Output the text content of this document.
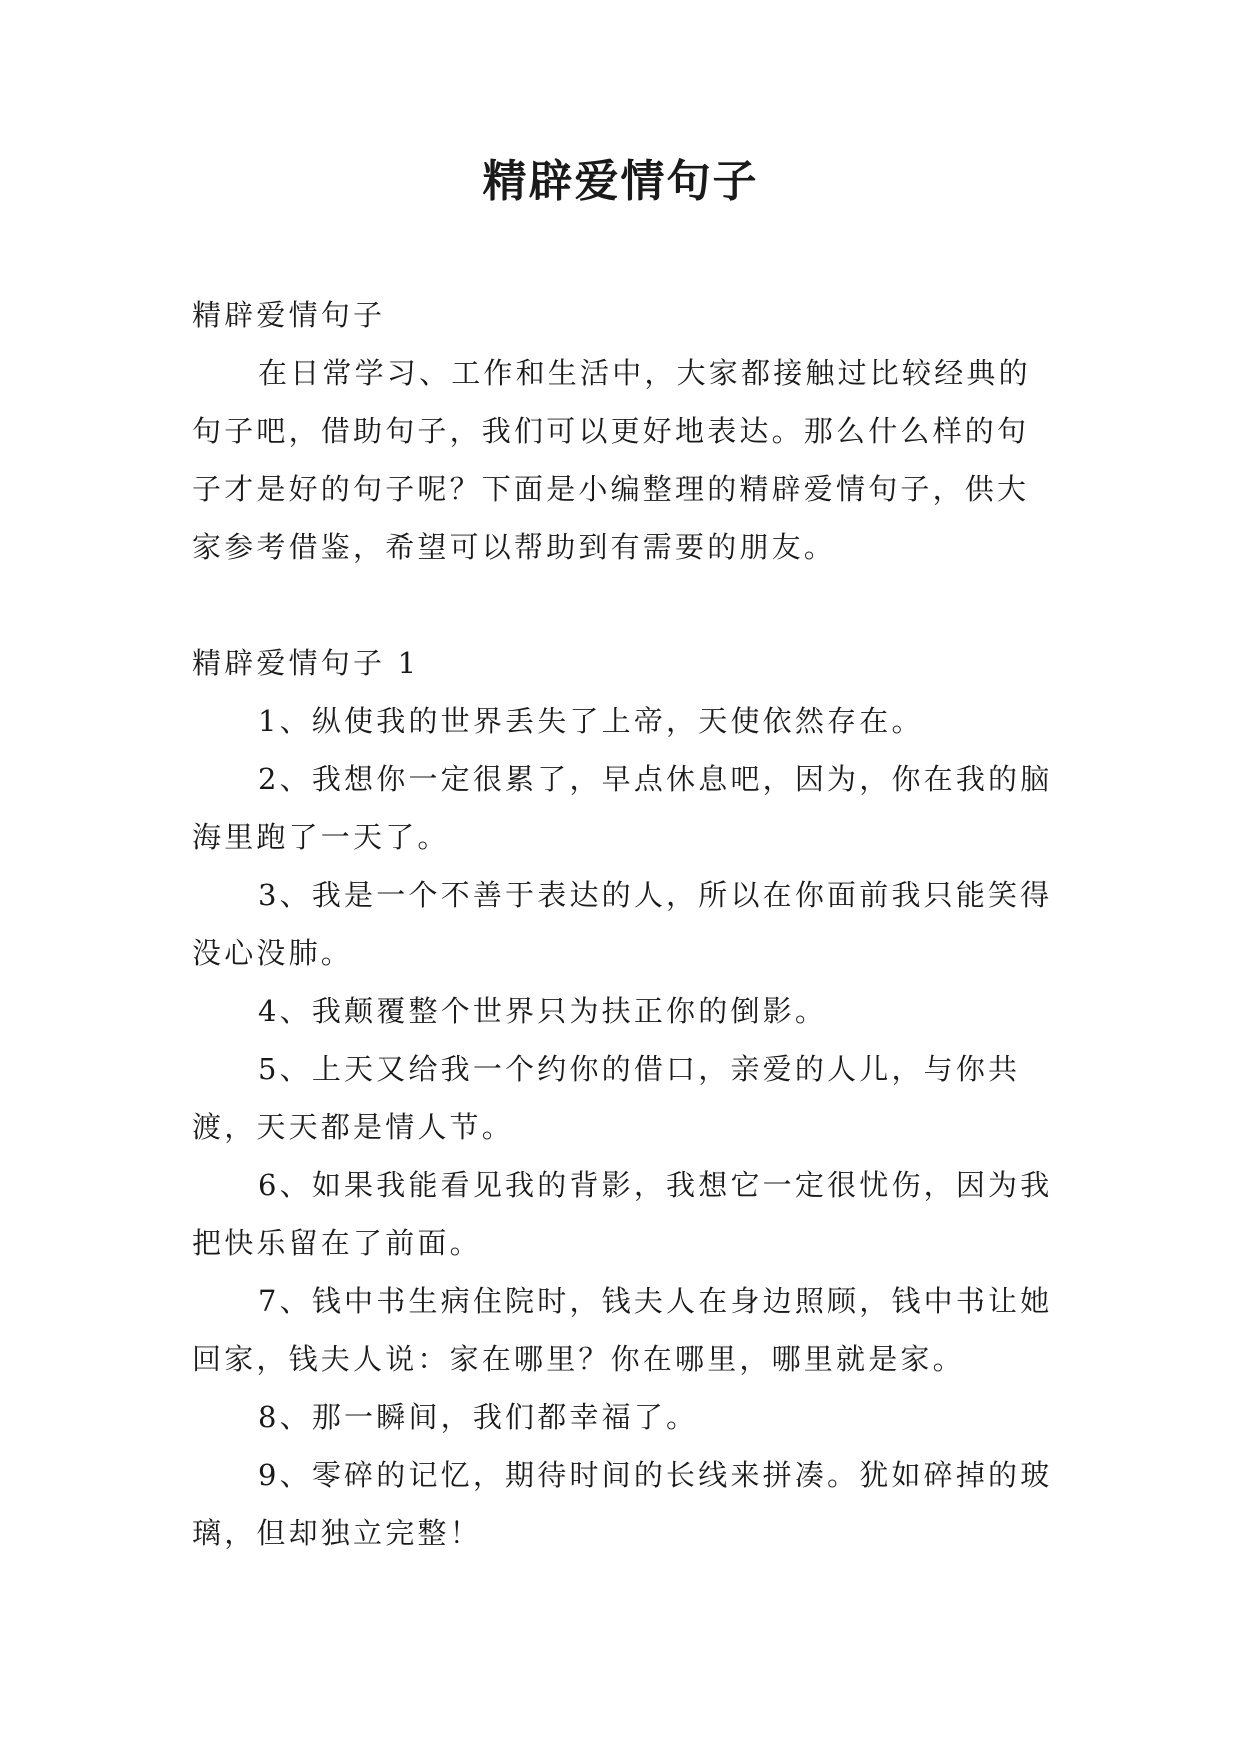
精辟爱情句子

精辟爱情句子

在日常学习、工作和生活中，大家都接触过比较经典的句子吧，借助句子，我们可以更好地表达。那么什么样的句子才是好的句子呢？下面是小编整理的精辟爱情句子，供大家参考借鉴，希望可以帮助到有需要的朋友。

精辟爱情句子 1

1、纵使我的世界丢失了上帝，天使依然存在。

2、我想你一定很累了，早点休息吧，因为，你在我的脑海里跑了一天了。

3、我是一个不善于表达的人，所以在你面前我只能笑得没心没肺。

4、我颠覆整个世界只为扶正你的倒影。

5、上天又给我一个约你的借口，亲爱的人儿，与你共渡，天天都是情人节。

6、如果我能看见我的背影，我想它一定很忧伤，因为我把快乐留在了前面。

7、钱中书生病住院时，钱夫人在身边照顾，钱中书让她回家，钱夫人说：家在哪里？你在哪里，哪里就是家。

8、那一瞬间，我们都幸福了。

9、零碎的记忆，期待时间的长线来拼凑。犹如碎掉的玻璃，但却独立完整！
